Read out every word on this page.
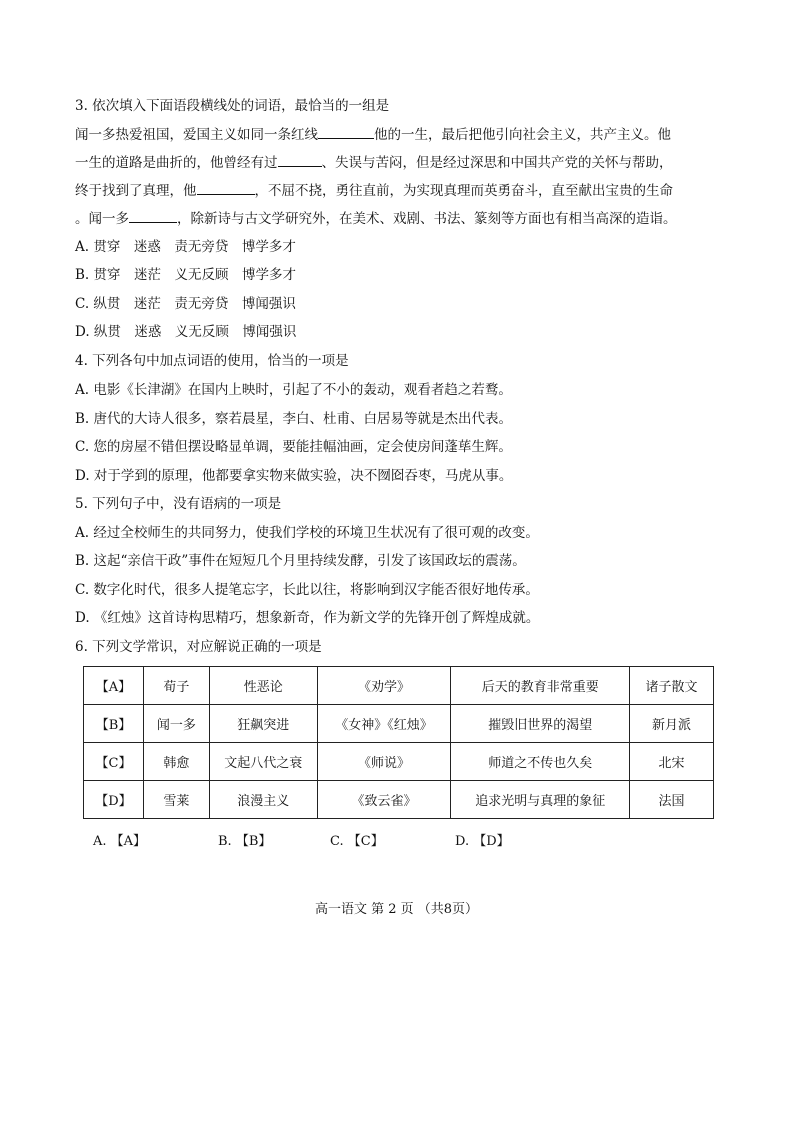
3. 依次填入下面语段横线处的词语，最恰当的一组是
闻一多热爱祖国，爱国主义如同一条红线	他的一生，最后把他引向社会主义，共产主义。他
一生的道路是曲折的，他曾经有过	、失误与苦闷，但是经过深思和中国共产党的关怀与帮助，
终于找到了真理，他	，不屈不挠，勇往直前，为实现真理而英勇奋斗，直至献出宝贵的生命
。闻一多	，除新诗与古文学研究外，在美术、戏剧、书法、篆刻等方面也有相当高深的造诣。
A. 贯穿　迷惑　责无旁贷　博学多才
B. 贯穿　迷茫　义无反顾　博学多才
C. 纵贯　迷茫　责无旁贷　博闻强识
D. 纵贯　迷惑　义无反顾　博闻强识
4. 下列各句中加点词语的使用，恰当的一项是
A. 电影《长津湖》在国内上映时，引起了不小的轰动，观看者趋之若鹜。
B. 唐代的大诗人很多，察若晨星，李白、杜甫、白居易等就是杰出代表。
C. 您的房屋不错但摆设略显单调，要能挂幅油画，定会使房间蓬荜生辉。
D. 对于学到的原理，他都要拿实物来做实验，决不囫囵吞枣，马虎从事。
5. 下列句子中，没有语病的一项是
A. 经过全校师生的共同努力，使我们学校的环境卫生状况有了很可观的改变。
B. 这起“亲信干政”事件在短短几个月里持续发酵，引发了该国政坛的震荡。
C. 数字化时代，很多人提笔忘字，长此以往，将影响到汉字能否很好地传承。
D. 《红烛》这首诗构思精巧，想象新奇，作为新文学的先锋开创了辉煌成就。
6. 下列文学常识，对应解说正确的一项是
【A】	荀子	性恶论	《劝学》	后天的教育非常重要	诸子散文
【B】	闻一多	狂飙突进	《女神》《红烛》	摧毁旧世界的渴望	新月派
【C】	韩愈	文起八代之衰	《师说》	师道之不传也久矣	北宋
【D】	雪莱	浪漫主义	《致云雀》	追求光明与真理的象征	法国
A. 【A】	B. 【B】	C. 【C】	D. 【D】
高一语文 第 2 页 （共8页）
